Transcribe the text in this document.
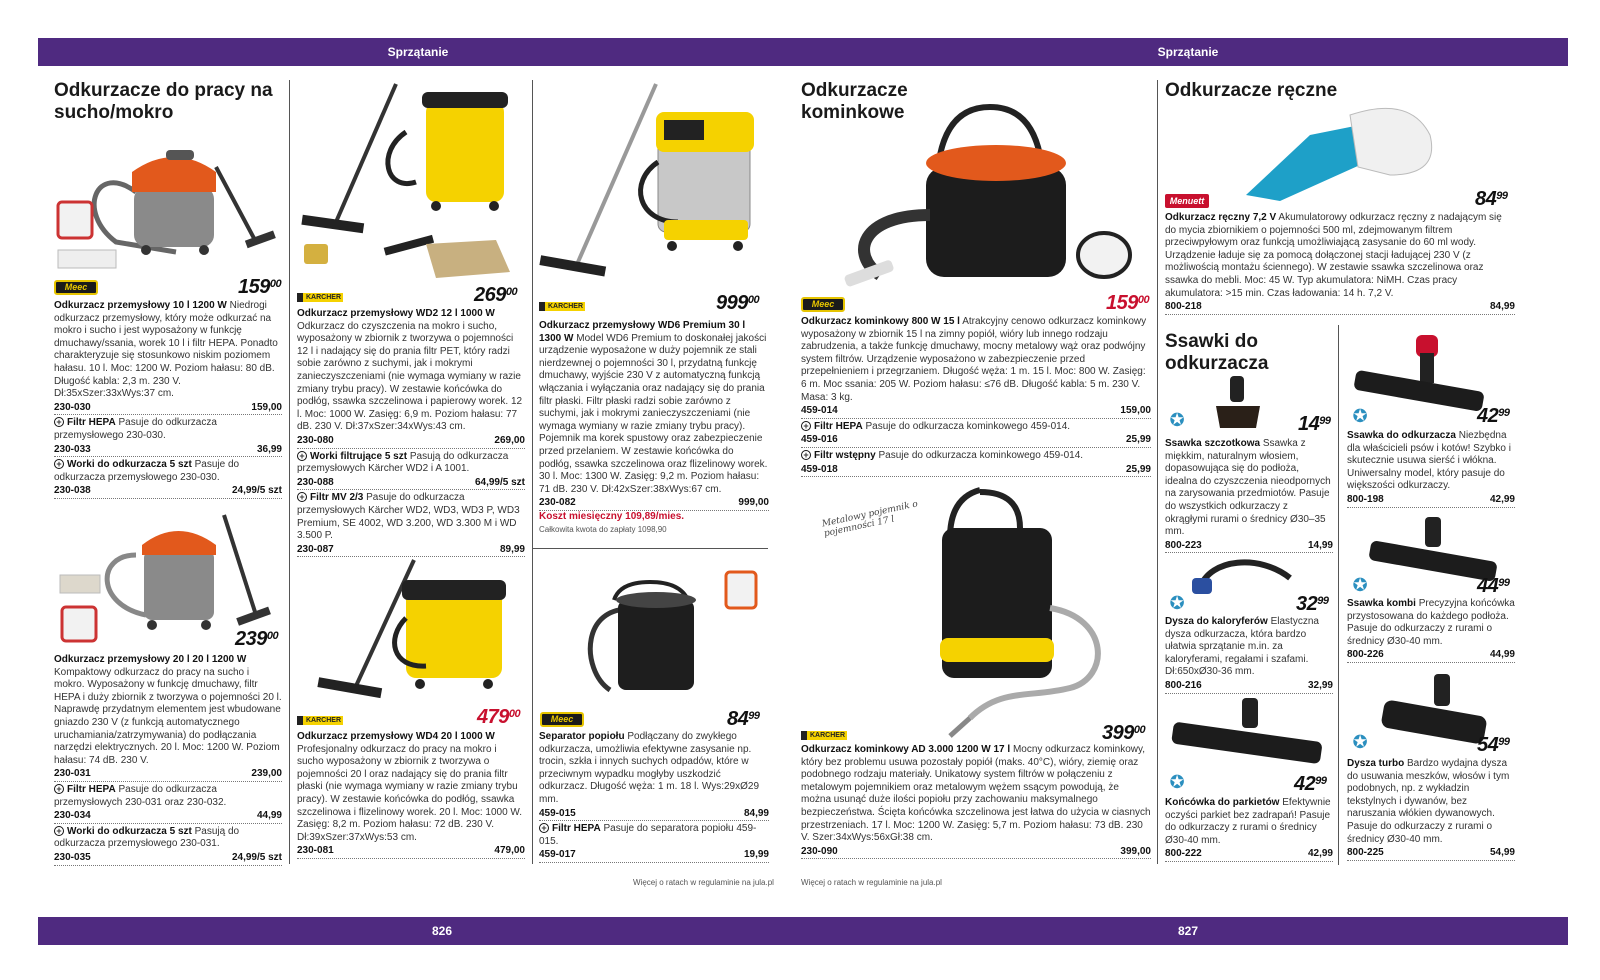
Sprzątanie	Sprzątanie
826	827
Odkurzacze do pracy na sucho/mokro
Meec	$159^{00}$
Odkurzacz przemysłowy 10 l 1200 W Niedrogi odkurzacz przemysłowy, który może odkurzać na mokro i sucho i jest wyposażony w funkcję dmuchawy/ssania, worek 10 l i filtr HEPA. Ponadto charakteryzuje się stosunkowo niskim poziomem hałasu. 10 l. Moc: 1200 W. Poziom hałasu: 80 dB. Długość kabla: 2,3 m. 230 V. Dł:35xSzer:33xWys:37 cm.
230-030	159,00
+ Filtr HEPA Pasuje do odkurzacza przemysłowego 230-030.
230-033	36,99
+ Worki do odkurzacza 5 szt Pasuje do odkurzacza przemysłowego 230-030.
230-038	24,99/5 szt
$239^{00}$
Odkurzacz przemysłowy 20 l 20 l 1200 W Kompaktowy odkurzacz do pracy na sucho i mokro. Wyposażony w funkcję dmuchawy, filtr HEPA i duży zbiornik z tworzywa o pojemności 20 l. Naprawdę przydatnym elementem jest wbudowane gniazdo 230 V (z funkcją automatycznego uruchamiania/zatrzymywania) do podłączania narzędzi elektrycznych. 20 l. Moc: 1200 W. Poziom hałasu: 74 dB. 230 V.
230-031	239,00
+ Filtr HEPA Pasuje do odkurzacza przemysłowych 230-031 oraz 230-032.
230-034	44,99
+ Worki do odkurzacza 5 szt Pasują do odkurzacza przemysłowego 230-031.
230-035	24,99/5 szt
KARCHER	$269^{00}$
Odkurzacz przemysłowy WD2 12 l 1000 W
Odkurzacz do czyszczenia na mokro i sucho, wyposażony w zbiornik z tworzywa o pojemności 12 l i nadający się do prania filtr PET, który radzi sobie zarówno z suchymi, jak i mokrymi zanieczyszczeniami (nie wymaga wymiany w razie zmiany trybu pracy). W zestawie końcówka do podłóg, ssawka szczelinowa i papierowy worek. 12 l. Moc: 1000 W. Zasięg: 6,9 m. Poziom hałasu: 77 dB. 230 V. Dł:37xSzer:34xWys:43 cm.
230-080	269,00
+ Worki filtrujące 5 szt Pasują do odkurzacza przemysłowych Kärcher WD2 i A 1001.
230-088	64,99/5 szt
+ Filtr MV 2/3 Pasuje do odkurzacza przemysłowych Kärcher WD2, WD3, WD3 P, WD3 Premium, SE 4002, WD 3.200, WD 3.300 M i WD 3.500 P.
230-087	89,99
KARCHER	$479^{00}$
Odkurzacz przemysłowy WD4 20 l 1000 W Profesjonalny odkurzacz do pracy na mokro i sucho wyposażony w zbiornik z tworzywa o pojemności 20 l oraz nadający się do prania filtr płaski (nie wymaga wymiany w razie zmiany trybu pracy). W zestawie końcówka do podłóg, ssawka szczelinowa i flizelinowy worek. 20 l. Moc: 1000 W. Zasięg: 8,2 m. Poziom hałasu: 72 dB. 230 V. Dł:39xSzer:37xWys:53 cm.
230-081	479,00
KARCHER	$999^{00}$
Odkurzacz przemysłowy WD6 Premium 30 l 1300 W Model WD6 Premium to doskonałej jakości urządzenie wyposażone w duży pojemnik ze stali nierdzewnej o pojemności 30 l, przydatną funkcję dmuchawy, wyjście 230 V z automatyczną funkcją włączania i wyłączania oraz nadający się do prania filtr płaski. Filtr płaski radzi sobie zarówno z suchymi, jak i mokrymi zanieczyszczeniami (nie wymaga wymiany w razie zmiany trybu pracy). Pojemnik ma korek spustowy oraz zabezpieczenie przed przelaniem. W zestawie końcówka do podłóg, ssawka szczelinowa oraz flizelinowy worek. 30 l. Moc: 1300 W. Zasięg: 9,2 m. Poziom hałasu: 71 dB. 230 V. Dł:42xSzer:38xWys:67 cm.
230-082	999,00
Koszt miesięczny 109,89/mies.
Całkowita kwota do zapłaty 1098,90
Meec	$84^{99}$
Separator popiołu Podłączany do zwykłego odkurzacza, umożliwia efektywne zasysanie np. trocin, szkła i innych suchych odpadów, które w przeciwnym wypadku mogłyby uszkodzić odkurzacz. Długość węża: 1 m. 18 l. Wys:29xØ29 mm.
459-015	84,99
+ Filtr HEPA Pasuje do separatora popiołu 459-015.
459-017	19,99
Więcej o ratach w regulaminie na jula.pl
Odkurzacze kominkowe
Meec	$159^{00}$
Odkurzacz kominkowy 800 W 15 l Atrakcyjny cenowo odkurzacz kominkowy wyposażony w zbiornik 15 l na zimny popiół, wióry lub innego rodzaju zabrudzenia, a także funkcję dmuchawy, mocny metalowy wąż oraz podwójny system filtrów. Urządzenie wyposażono w zabezpieczenie przed przepełnieniem i przegrzaniem. Długość węża: 1 m. 15 l. Moc: 800 W. Zasięg: 6 m. Moc ssania: 205 W. Poziom hałasu: ≤76 dB. Długość kabla: 5 m. 230 V. Masa: 3 kg.
459-014	159,00
+ Filtr HEPA Pasuje do odkurzacza kominkowego 459-014.
459-016	25,99
+ Filtr wstępny Pasuje do odkurzacza kominkowego 459-014.
459-018	25,99
Metalowy pojemnik o pojemności 17 l
KARCHER	$399^{00}$
Odkurzacz kominkowy AD 3.000 1200 W 17 l Mocny odkurzacz kominkowy, który bez problemu usuwa pozostały popiół (maks. 40°C), wióry, ziemię oraz podobnego rodzaju materiały. Unikatowy system filtrów w połączeniu z metalowym pojemnikiem oraz metalowym wężem ssącym powodują, że można usunąć duże ilości popiołu przy zachowaniu maksymalnego bezpieczeństwa. Ścięta końcówka szczelinowa jest łatwa do użycia w ciasnych przestrzeniach. 17 l. Moc: 1200 W. Zasięg: 5,7 m. Poziom hałasu: 73 dB. 230 V. Szer:34xWys:56xGł:38 cm.
230-090	399,00
Więcej o ratach w regulaminie na jula.pl
Odkurzacze ręczne
Menuett	$84^{99}$
Odkurzacz ręczny 7,2 V Akumulatorowy odkurzacz ręczny z nadającym się do mycia zbiornikiem o pojemności 500 ml, zdejmowanym filtrem przeciwpyłowym oraz funkcją umożliwiającą zasysanie do 60 ml wody. Urządzenie ładuje się za pomocą dołączonej stacji ładującej 230 V (z możliwością montażu ściennego). W zestawie ssawka szczelinowa oraz ssawka do mebli. Moc: 45 W. Typ akumulatora: NiMH. Czas pracy akumulatora: >15 min. Czas ładowania: 14 h. 7,2 V.
800-218	84,99
Ssawki do odkurzacza
✪	$14^{99}$
Ssawka szczotkowa Ssawka z miękkim, naturalnym włosiem, dopasowująca się do podłoża, idealna do czyszczenia nieodpornych na zarysowania przedmiotów. Pasuje do wszystkich odkurzaczy z okrągłymi rurami o średnicy Ø30–35 mm.
800-223	14,99
✪	$32^{99}$
Dysza do kaloryferów Elastyczna dysza odkurzacza, która bardzo ułatwia sprzątanie m.in. za kaloryferami, regałami i szafami. Dł:650xØ30-36 mm.
800-216	32,99
✪	$42^{99}$
Końcówka do parkietów Efektywnie oczyści parkiet bez zadrapań! Pasuje do odkurzaczy z rurami o średnicy Ø30-40 mm.
800-222	42,99
✪	$42^{99}$
Ssawka do odkurzacza Niezbędna dla właścicieli psów i kotów! Szybko i skutecznie usuwa sierść i włókna. Uniwersalny model, który pasuje do większości odkurzaczy.
800-198	42,99
✪	$44^{99}$
Ssawka kombi Precyzyjna końcówka przystosowana do każdego podłoża. Pasuje do odkurzaczy z rurami o średnicy Ø30-40 mm.
800-226	44,99
✪	$54^{99}$
Dysza turbo Bardzo wydajna dysza do usuwania meszków, włosów i tym podobnych, np. z wykładzin tekstylnych i dywanów, bez naruszania włókien dywanowych. Pasuje do odkurzaczy z rurami o średnicy Ø30-40 mm.
800-225	54,99
